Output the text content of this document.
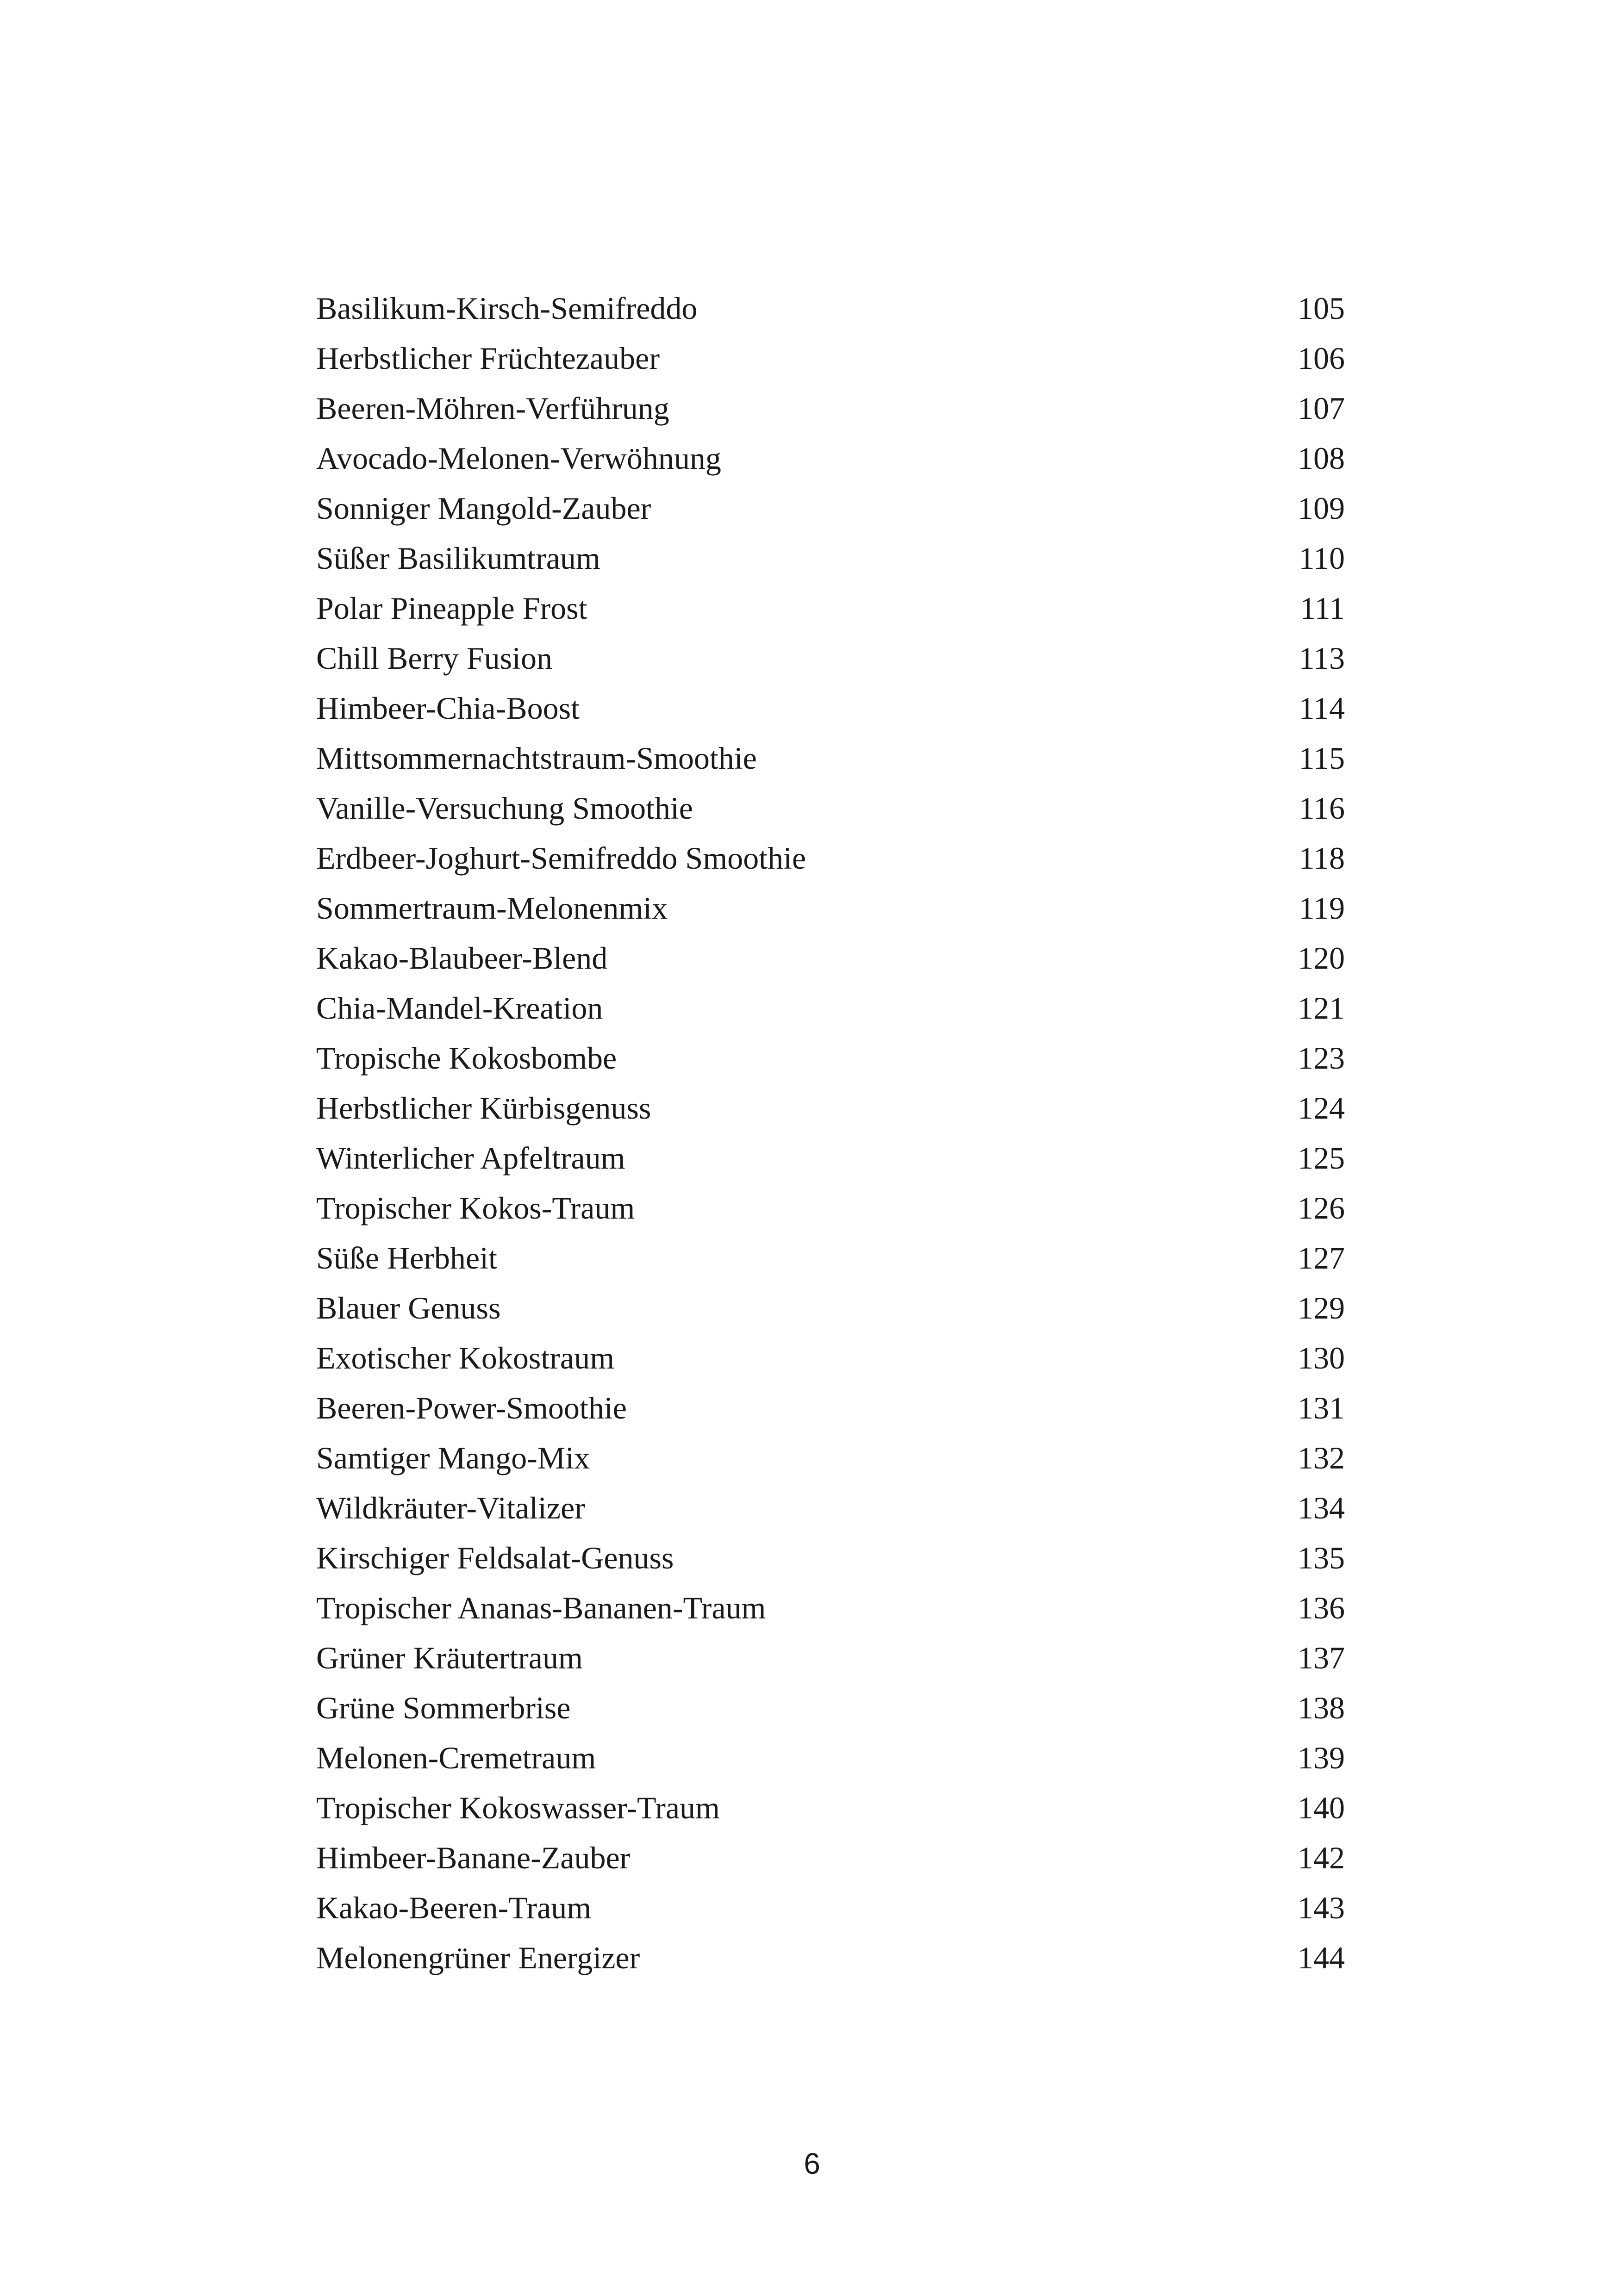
Basilikum-Kirsch-Semifreddo	105
Herbstlicher Früchtezauber	106
Beeren-Möhren-Verführung	107
Avocado-Melonen-Verwöhnung	108
Sonniger Mangold-Zauber	109
Süßer Basilikumtraum	110
Polar Pineapple Frost	111
Chill Berry Fusion	113
Himbeer-Chia-Boost	114
Mittsommernachtstraum-Smoothie	115
Vanille-Versuchung Smoothie	116
Erdbeer-Joghurt-Semifreddo Smoothie	118
Sommertraum-Melonenmix	119
Kakao-Blaubeer-Blend	120
Chia-Mandel-Kreation	121
Tropische Kokosbombe	123
Herbstlicher Kürbisgenuss	124
Winterlicher Apfeltraum	125
Tropischer Kokos-Traum	126
Süße Herbheit	127
Blauer Genuss	129
Exotischer Kokostraum	130
Beeren-Power-Smoothie	131
Samtiger Mango-Mix	132
Wildkräuter-Vitalizer	134
Kirschiger Feldsalat-Genuss	135
Tropischer Ananas-Bananen-Traum	136
Grüner Kräutertraum	137
Grüne Sommerbrise	138
Melonen-Cremetraum	139
Tropischer Kokoswasser-Traum	140
Himbeer-Banane-Zauber	142
Kakao-Beeren-Traum	143
Melonengrüner Energizer	144
6
